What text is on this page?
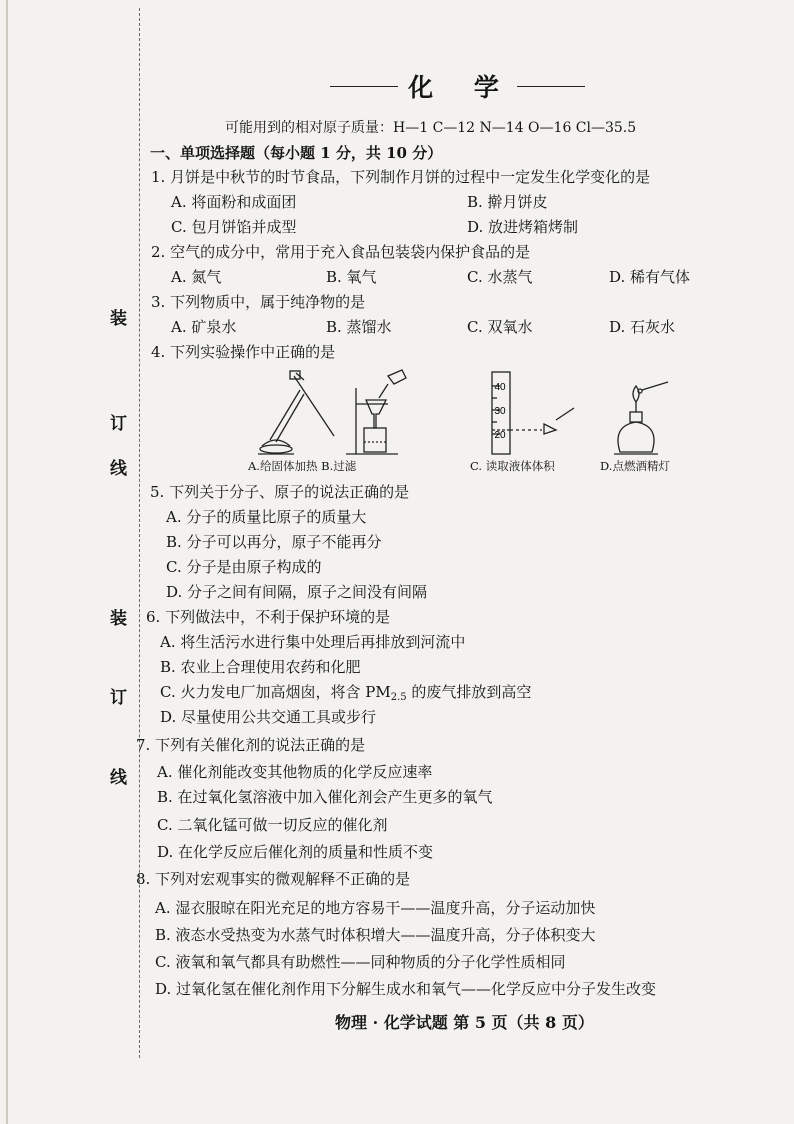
装
订
线
装
订
线
化 学
可能用到的相对原子质量：H—1 C—12 N—14 O—16 Cl—35.5
一、单项选择题（每小题 1 分，共 10 分）
1. 月饼是中秋节的时节食品，下列制作月饼的过程中一定发生化学变化的是
A. 将面粉和成面团	B. 擀月饼皮
C. 包月饼馅并成型	D. 放进烤箱烤制
2. 空气的成分中，常用于充入食品包装袋内保护食品的是
A. 氮气	B. 氧气	C. 水蒸气	D. 稀有气体
3. 下列物质中，属于纯净物的是
A. 矿泉水	B. 蒸馏水	C. 双氧水	D. 石灰水
4. 下列实验操作中正确的是
40
30
20
A.给固体加热 B.过滤	C. 读取液体体积	D.点燃酒精灯
5. 下列关于分子、原子的说法正确的是
A. 分子的质量比原子的质量大
B. 分子可以再分，原子不能再分
C. 分子是由原子构成的
D. 分子之间有间隔，原子之间没有间隔
6. 下列做法中，不利于保护环境的是
A. 将生活污水进行集中处理后再排放到河流中
B. 农业上合理使用农药和化肥
C. 火力发电厂加高烟囱，将含 $PM_{2.5}$ 的废气排放到高空
D. 尽量使用公共交通工具或步行
7. 下列有关催化剂的说法正确的是
A. 催化剂能改变其他物质的化学反应速率
B. 在过氧化氢溶液中加入催化剂会产生更多的氧气
C. 二氧化锰可做一切反应的催化剂
D. 在化学反应后催化剂的质量和性质不变
8. 下列对宏观事实的微观解释不正确的是
A. 湿衣服晾在阳光充足的地方容易干——温度升高，分子运动加快
B. 液态水受热变为水蒸气时体积增大——温度升高，分子体积变大
C. 液氧和氧气都具有助燃性——同种物质的分子化学性质相同
D. 过氧化氢在催化剂作用下分解生成水和氧气——化学反应中分子发生改变
物理 · 化学试题 第 5 页（共 8 页）
